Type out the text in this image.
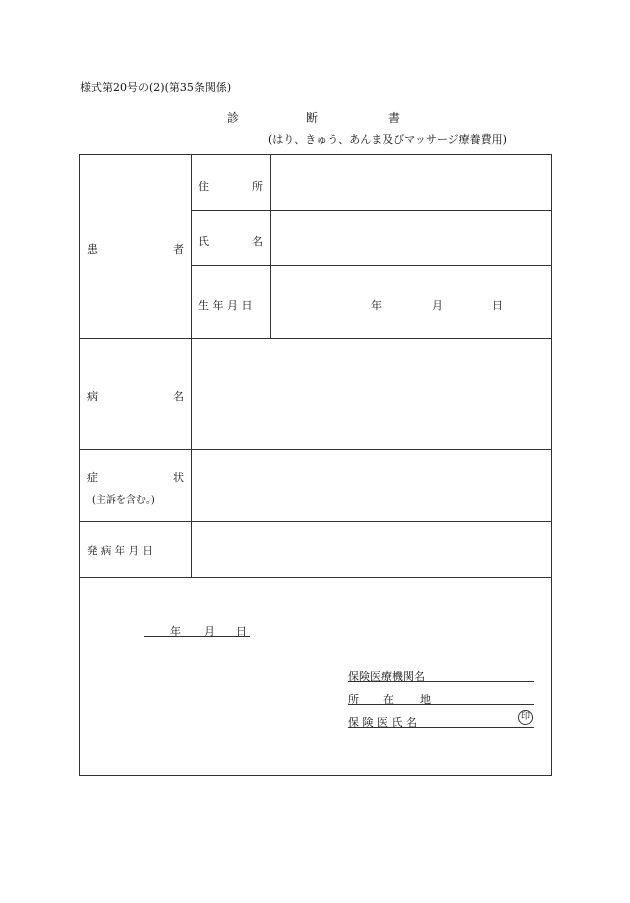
様式第20号の(2)(第35条関係)
診	断	書
(はり、きゅう、あんま及びマッサージ療養費用)
患	者
住	所
氏	名
生 年 月 日	年	月	日
病	名
症	状
(主訴を含む。)
発 病 年 月 日
年 月 日
保険医療機関名
所 在 地
保 険 医 氏 名	印
